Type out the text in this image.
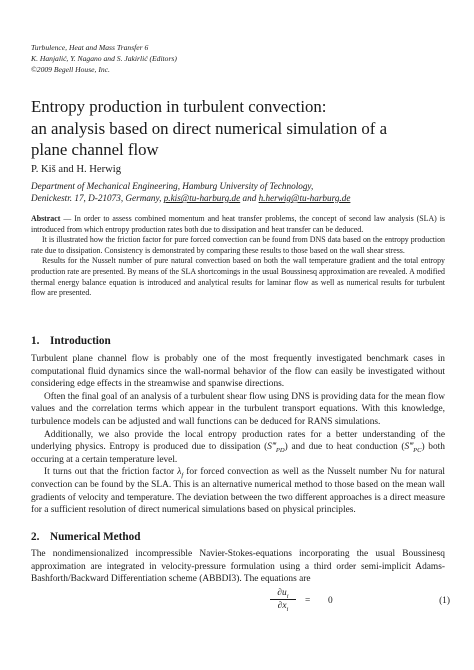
Turbulence, Heat and Mass Transfer 6
K. Hanjalić, Y. Nagano and S. Jakirlić (Editors)
©2009 Begell House, Inc.
Entropy production in turbulent convection:
an analysis based on direct numerical simulation of a
plane channel flow
P. Kiš and H. Herwig
Department of Mechanical Engineering, Hamburg University of Technology,
Denickestr. 17, D-21073, Germany, p.kis@tu-harburg.de and h.herwig@tu-harburg.de

Abstract — In order to assess combined momentum and heat transfer problems, the concept of second law analysis (SLA) is introduced from which entropy production rates both due to dissipation and heat transfer can be deduced.

It is illustrated how the friction factor for pure forced convection can be found from DNS data based on the entropy production rate due to dissipation. Consistency is demonstrated by comparing these results to those based on the wall shear stress.

Results for the Nusselt number of pure natural convection based on both the wall temperature gradient and the total entropy production rate are presented. By means of the SLA shortcomings in the usual Boussinesq approximation are revealed. A modified thermal energy balance equation is introduced and analytical results for laminar flow as well as numerical results for turbulent flow are presented.

1. Introduction

Turbulent plane channel flow is probably one of the most frequently investigated benchmark cases in computational fluid dynamics since the wall-normal behavior of the flow can easily be investigated without considering edge effects in the streamwise and spanwise directions.

Often the final goal of an analysis of a turbulent shear flow using DNS is providing data for the mean flow values and the correlation terms which appear in the turbulent transport equations. With this knowledge, turbulence models can be adjusted and wall functions can be deduced for RANS simulations.

Additionally, we also provide the local entropy production rates for a better understanding of the underlying physics. Entropy is produced due to dissipation $(S‴_{PD})$ and due to heat conduction $(S‴_{PC})$ both occuring at a certain temperature level.

It turns out that the friction factor $\lambda_f$ for forced convection as well as the Nusselt number Nu for natural convection can be found by the SLA. This is an alternative numerical method to those based on the mean wall gradients of velocity and temperature. The deviation between the two different approaches is a direct measure for a sufficient resolution of direct numerical simulations based on physical principles.

2. Numerical Method

The nondimensionalized incompressible Navier-Stokes-equations incorporating the usual Boussinesq approximation are integrated in velocity-pressure formulation using a third order semi-implicit Adams-Bashforth/Backward Differentiation scheme (ABBDI3). The equations are

$\frac{\partial u_i}{\partial x_i} = 0$	(1)
